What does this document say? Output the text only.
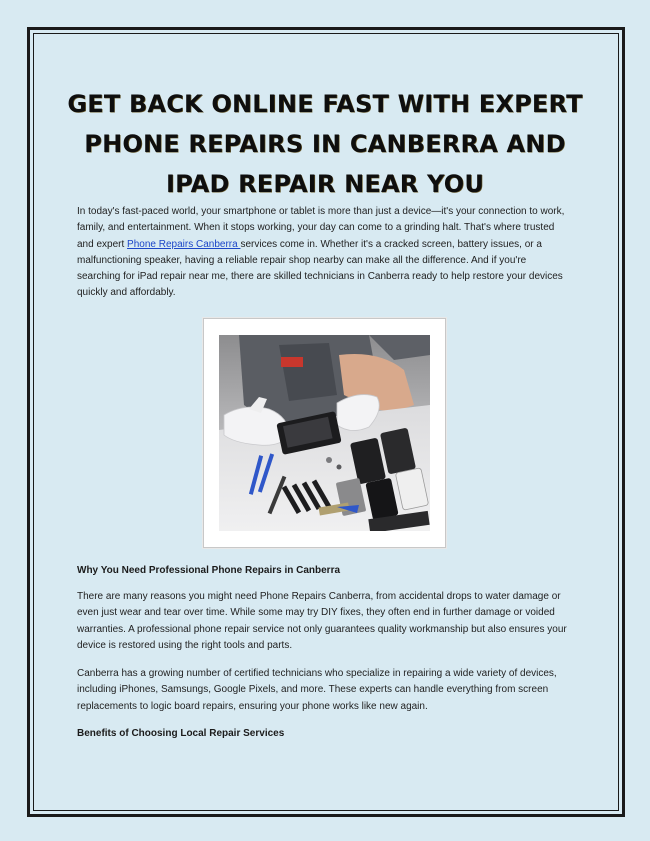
GET BACK ONLINE FAST WITH EXPERT PHONE REPAIRS IN CANBERRA AND IPAD REPAIR NEAR YOU

In today's fast-paced world, your smartphone or tablet is more than just a device—it's your connection to work, family, and entertainment. When it stops working, your day can come to a grinding halt. That's where trusted and expert Phone Repairs Canberra services come in. Whether it's a cracked screen, battery issues, or a malfunctioning speaker, having a reliable repair shop nearby can make all the difference. And if you're searching for iPad repair near me, there are skilled technicians in Canberra ready to help restore your devices quickly and affordably.

Why You Need Professional Phone Repairs in Canberra

There are many reasons you might need Phone Repairs Canberra, from accidental drops to water damage or even just wear and tear over time. While some may try DIY fixes, they often end in further damage or voided warranties. A professional phone repair service not only guarantees quality workmanship but also ensures your device is restored using the right tools and parts.

Canberra has a growing number of certified technicians who specialize in repairing a wide variety of devices, including iPhones, Samsungs, Google Pixels, and more. These experts can handle everything from screen replacements to logic board repairs, ensuring your phone works like new again.

Benefits of Choosing Local Repair Services
